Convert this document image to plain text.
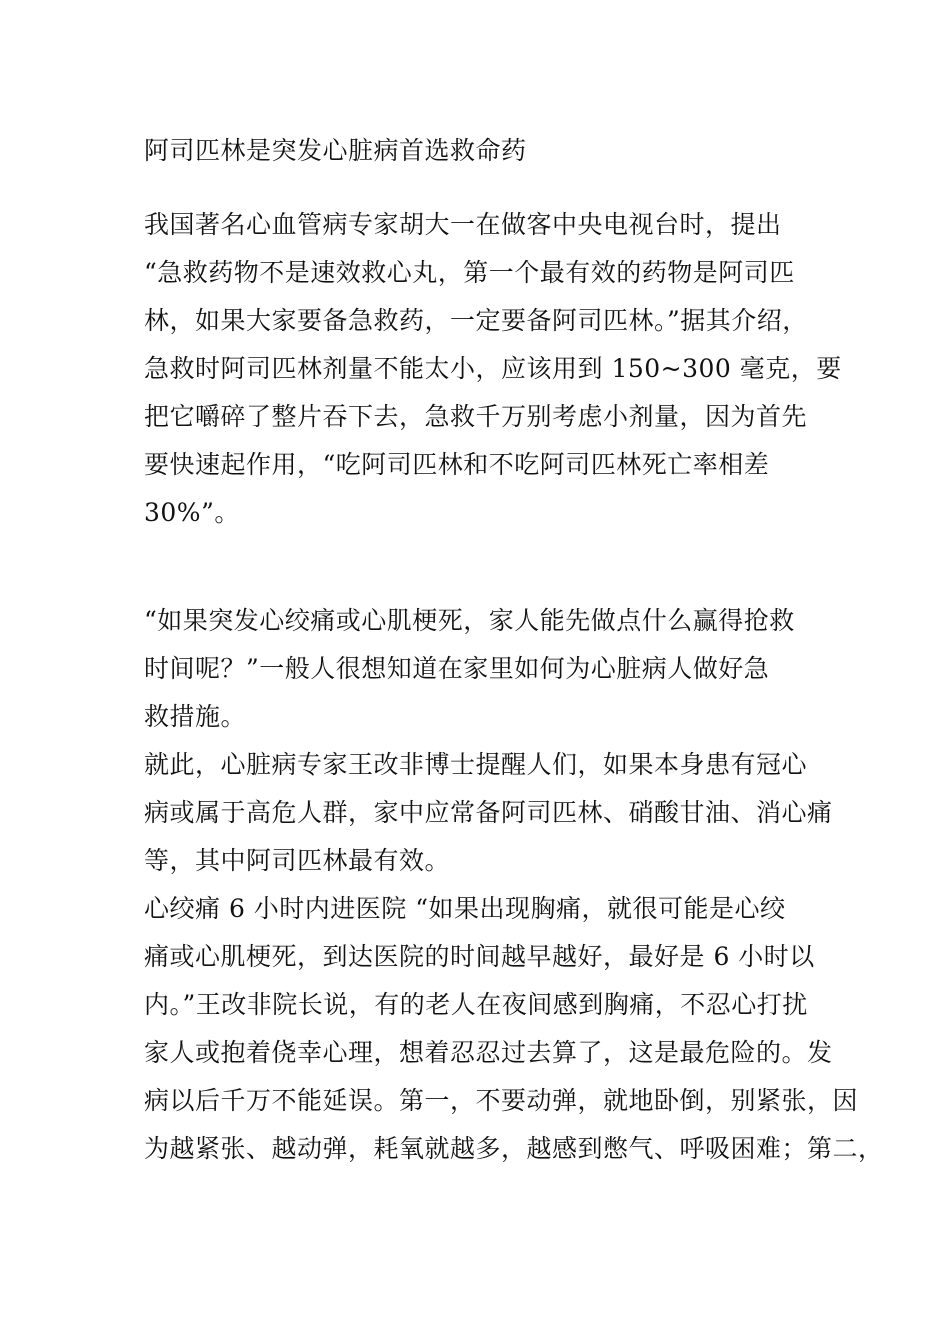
阿司匹林是突发心脏病首选救命药
我国著名心血管病专家胡大一在做客中央电视台时，提出
“急救药物不是速效救心丸，第一个最有效的药物是阿司匹
林，如果大家要备急救药，一定要备阿司匹林。”据其介绍，
急救时阿司匹林剂量不能太小，应该用到 150~300 毫克，要
把它嚼碎了整片吞下去，急救千万别考虑小剂量，因为首先
要快速起作用，“吃阿司匹林和不吃阿司匹林死亡率相差
30%”。
“如果突发心绞痛或心肌梗死，家人能先做点什么赢得抢救
时间呢？”一般人很想知道在家里如何为心脏病人做好急
救措施。
就此，心脏病专家王改非博士提醒人们，如果本身患有冠心
病或属于高危人群，家中应常备阿司匹林、硝酸甘油、消心痛
等，其中阿司匹林最有效。
心绞痛 6 小时内进医院 “如果出现胸痛，就很可能是心绞
痛或心肌梗死，到达医院的时间越早越好，最好是 6 小时以
内。”王改非院长说，有的老人在夜间感到胸痛，不忍心打扰
家人或抱着侥幸心理，想着忍忍过去算了，这是最危险的。发
病以后千万不能延误。第一，不要动弹，就地卧倒，别紧张，因
为越紧张、越动弹，耗氧就越多，越感到憋气、呼吸困难；第二，
